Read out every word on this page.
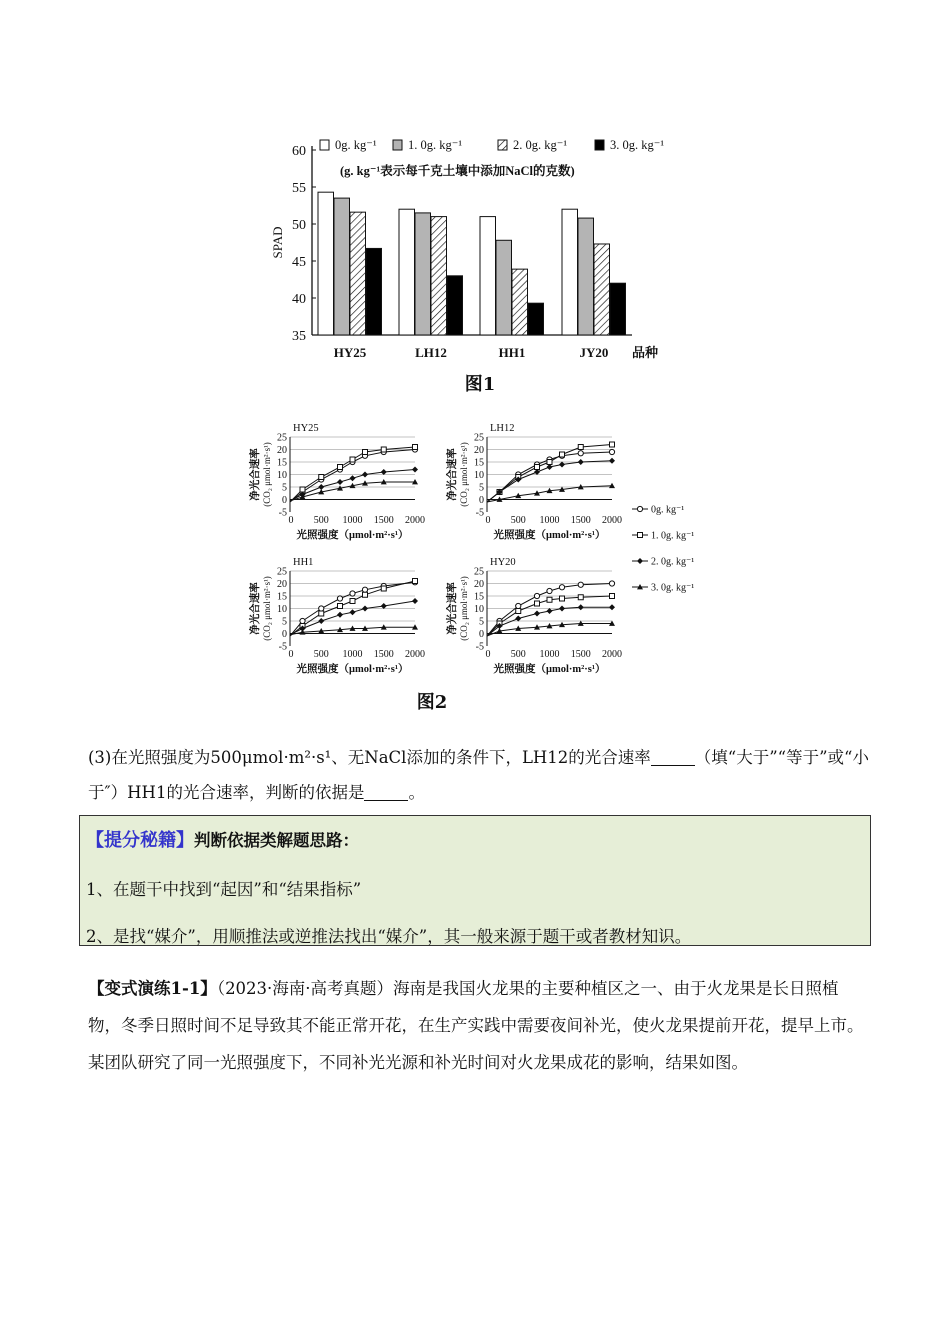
0g. kg⁻¹	1. 0g. kg⁻¹	2. 0g. kg⁻¹	3. 0g. kg⁻¹
(g. kg⁻¹表示每千克土壤中添加NaCl的克数)
35
40
45
50
55
60
SPAD
HY25	LH12	HH1	JY20 品种
图1
HY25
-5
0
5
10
15
20
25
500 1000 1500 2000
0
光照强度（μmol·m²·s¹）
净光合速率 (CO₂ μmol·m²·s¹)
LH12
-5
0
5
10
15
20
25
500 1000 1500 2000
0
光照强度（μmol·m²·s¹）
净光合速率 (CO₂ μmol·m²·s¹)
HH1
-5
0
5
10
15
20
25
500 1000 1500 2000
0
光照强度（μmol·m²·s¹）
净光合速率 (CO₂ μmol·m²·s¹)
HY20
-5
0
5
10
15
20
25
500 1000 1500 2000
0
光照强度（μmol·m²·s¹）
净光合速率 (CO₂ μmol·m²·s¹)
0g. kg⁻¹
1. 0g. kg⁻¹
2. 0g. kg⁻¹
3. 0g. kg⁻¹
图2
(3)在光照强度为500μmol·m²·s¹、无NaCl添加的条件下，LH12的光合速率	（填“大于”“等于”或“小于″）HH1的光合速率，判断的依据是	。
【提分秘籍】判断依据类解题思路：
1、在题干中找到“起因”和“结果指标”
2、是找“媒介”，用顺推法或逆推法找出“媒介”，其一般来源于题干或者教材知识。
【变式演练1-1】（2023·海南·高考真题）海南是我国火龙果的主要种植区之一、由于火龙果是长日照植物，冬季日照时间不足导致其不能正常开花，在生产实践中需要夜间补光，使火龙果提前开花，提早上市。某团队研究了同一光照强度下，不同补光光源和补光时间对火龙果成花的影响，结果如图。
